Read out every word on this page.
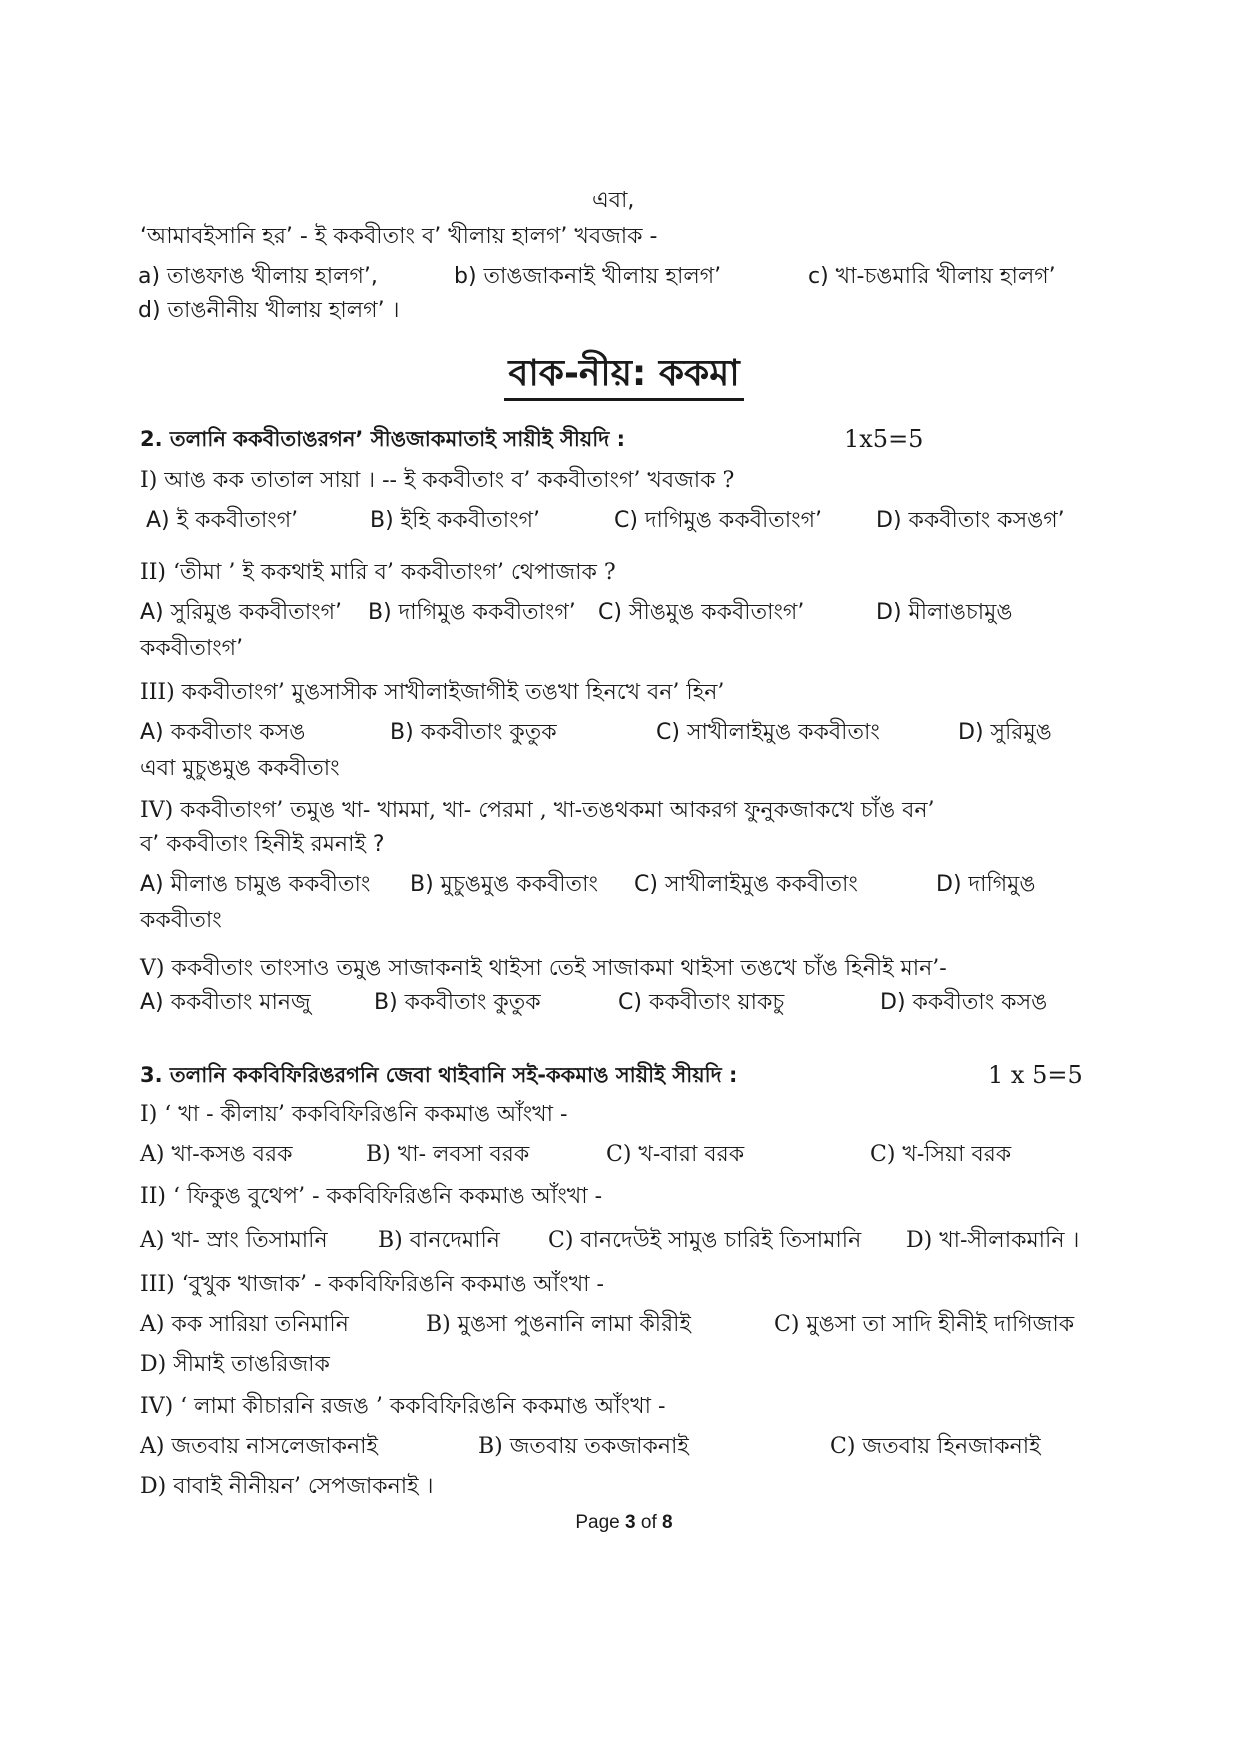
এবা,
‘আমাবইসানি হর’ - ই ককবীতাং ব’ খীলায় হালগ’ খবজাক -
a) তাঙফাঙ খীলায় হালগ’,	b) তাঙজাকনাই খীলায় হালগ’	c) খা-চঙমারি খীলায় হালগ’
d) তাঙনীনীয় খীলায় হালগ’ ।
বাক-নীয়: ককমা
2. তলানি ককবীতাঙরগন’ সীঙজাকমাতাই সায়ীই সীয়দি :	1x5=5
I) আঙ কক তাতাল সায়া । -- ই ককবীতাং ব’ ককবীতাংগ’ খবজাক ?
A) ই ককবীতাংগ’	B) ইহি ককবীতাংগ’	C) দাগিমুঙ ককবীতাংগ’ D) ককবীতাং কসঙগ’
II) ‘তীমা ’ ই ককথাই মারি ব’ ককবীতাংগ’ থেপাজাক ?
A) সুরিমুঙ ককবীতাংগ’ B) দাগিমুঙ ককবীতাংগ’ C) সীঙমুঙ ককবীতাংগ’	D) মীলাঙচামুঙ
ককবীতাংগ’
III) ককবীতাংগ’ মুঙসাসীক সাখীলাইজাগীই তঙখা হিনখে বন’ হিন’
A) ককবীতাং কসঙ	B) ককবীতাং কুতুক	C) সাখীলাইমুঙ ককবীতাং	D) সুরিমুঙ
এবা মুচুঙমুঙ ককবীতাং
IV) ককবীতাংগ’ তমুঙ খা- খামমা, খা- পেরমা , খা-তঙথকমা আকরগ ফুনুকজাকখে চাঁঙ বন’
ব’ ককবীতাং হিনীই রমনাই ?
A) মীলাঙ চামুঙ ককবীতাং B) মুচুঙমুঙ ককবীতাং C) সাখীলাইমুঙ ককবীতাং	D) দাগিমুঙ
ককবীতাং
V) ককবীতাং তাংসাও তমুঙ সাজাকনাই থাইসা তেই সাজাকমা থাইসা তঙখে চাঁঙ হিনীই মান’-
A) ককবীতাং মানজু	B) ককবীতাং কুতুক	C) ককবীতাং য়াকচু	D) ককবীতাং কসঙ
3. তলানি ককবিফিরিঙরগনি জেবা থাইবানি সই-ককমাঙ সায়ীই সীয়দি :	1 x 5=5
I) ‘ খা - কীলায়’ ককবিফিরিঙনি ককমাঙ আঁংখা -
A) খা-কসঙ বরক	B) খা- লবসা বরক	C) খ-বারা বরক	C) খ-সিয়া বরক
II) ‘ ফিকুঙ বুথেপ’ - ককবিফিরিঙনি ককমাঙ আঁংখা -
A) খা- স্রাং তিসামানি B) বানদেমানি C) বানদেউই সামুঙ চারিই তিসামানি D) খা-সীলাকমানি ।
III) ‘বুখুক খাজাক’ - ককবিফিরিঙনি ককমাঙ আঁংখা -
A) কক সারিয়া তনিমানি	B) মুঙসা পুঙনানি লামা কীরীই	C) মুঙসা তা সাদি হীনীই দাগিজাক
D) সীমাই তাঙরিজাক
IV) ‘ লামা কীচারনি রজঙ ’ ককবিফিরিঙনি ককমাঙ আঁংখা -
A) জতবায় নাসলেজাকনাই	B) জতবায় তকজাকনাই	C) জতবায় হিনজাকনাই
D) বাবাই নীনীয়ন’ সেপজাকনাই ।
Page 3 of 8
